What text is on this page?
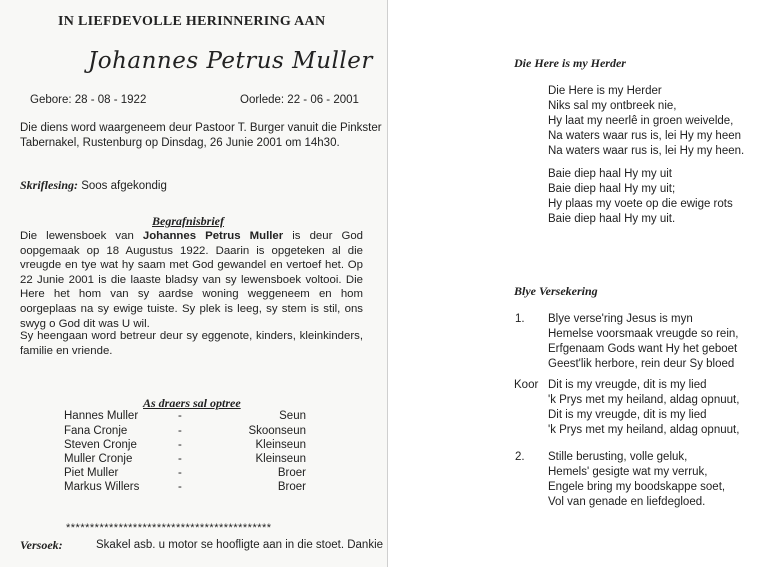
IN LIEFDEVOLLE HERINNERING AAN

Johannes Petrus Muller

Gebore: 28 - 08 - 1922	Oorlede: 22 - 06 - 2001

Die diens word waargeneem deur Pastoor T. Burger vanuit die Pinkster

Tabernakel, Rustenburg op Dinsdag, 26 Junie 2001 om 14h30.

Skriflesing: Soos afgekondig

Begrafnisbrief

Die lewensboek van Johannes Petrus Muller is deur God oopgemaak op 18 Augustus 1922. Daarin is opgeteken al die vreugde en tye wat hy saam met God gewandel en vertoef het. Op 22 Junie 2001 is die laaste bladsy van sy lewensboek voltooi. Die Here het hom van sy aardse woning weggeneem en hom oorgeplaas na sy ewige tuiste. Sy plek is leeg, sy stem is stil, ons swyg o God dit was U wil.

Sy heengaan word betreur deur sy eggenote, kinders, kleinkinders, familie en vriende.

As draers sal optree

Hannes Muller	-	Seun
Fana Cronje	-	Skoonseun
Steven Cronje	-	Kleinseun
Muller Cronje	-	Kleinseun
Piet Muller	-	Broer
Markus Willers	-	Broer

*******************************************

Versoek:	Skakel asb. u motor se hoofligte aan in die stoet. Dankie

Die Here is my Herder

Die Here is my Herder
Niks sal my ontbreek nie,
Hy laat my neerlê in groen weivelde,
Na waters waar rus is, lei Hy my heen
Na waters waar rus is, lei Hy my heen.
Baie diep haal Hy my uit
Baie diep haal Hy my uit;
Hy plaas my voete op die ewige rots
Baie diep haal Hy my uit.

Blye Versekering

1. Blye verse'ring Jesus is myn
Hemelse voorsmaak vreugde so rein,
Erfgenaam Gods want Hy het geboet
Geest'lik herbore, rein deur Sy bloed

Koor Dit is my vreugde, dit is my lied
'k Prys met my heiland, aldag opnuut,
Dit is my vreugde, dit is my lied
'k Prys met my heiland, aldag opnuut,

2. Stille berusting, volle geluk,
Hemels' gesigte wat my verruk,
Engele bring my boodskappe soet,
Vol van genade en liefdegloed.
